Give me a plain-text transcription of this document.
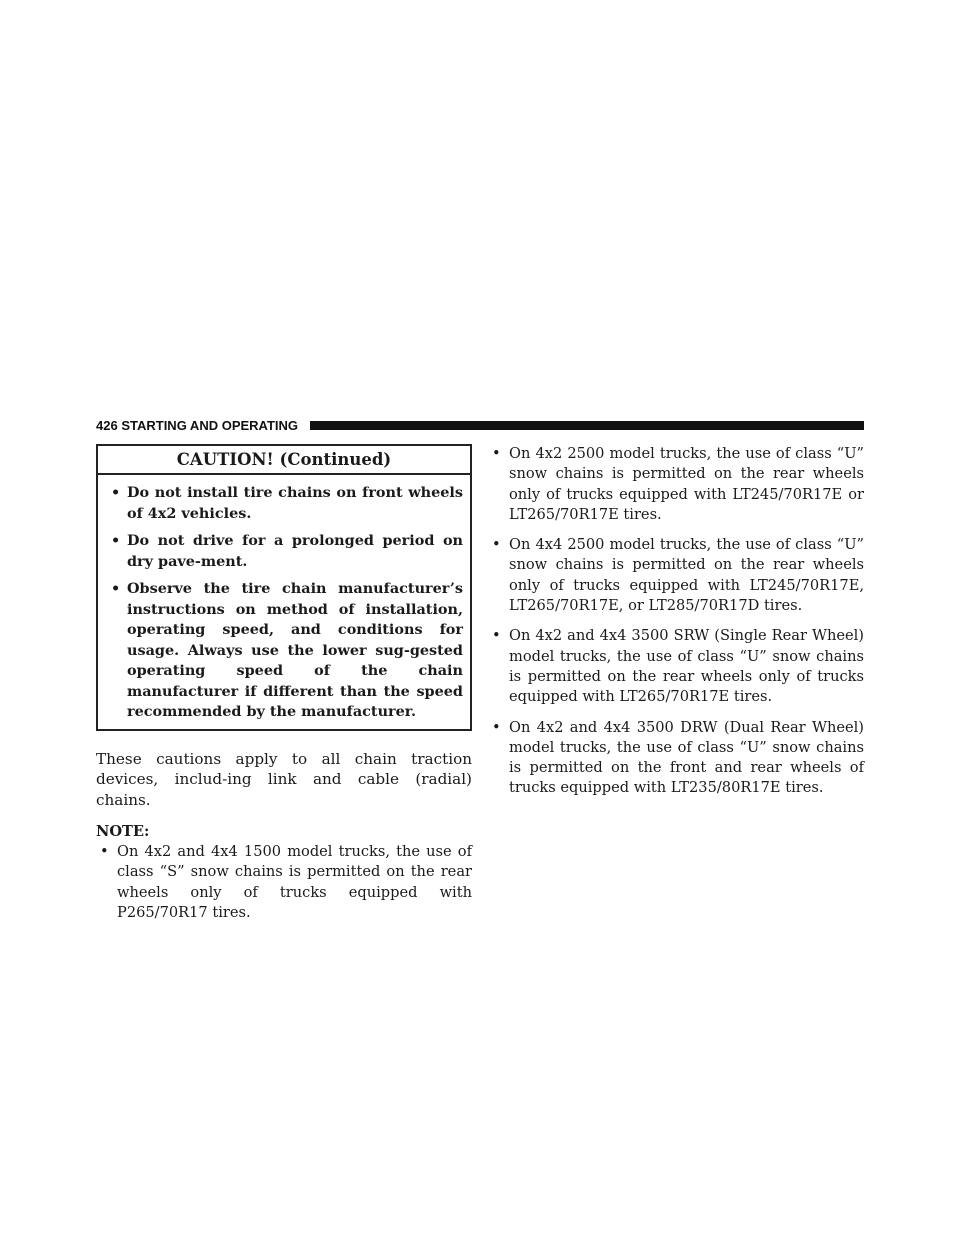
426 STARTING AND OPERATING
CAUTION! (Continued)
• Do not install tire chains on front wheels of 4x2 vehicles.
• Do not drive for a prolonged period on dry pave-ment.
• Observe the tire chain manufacturer’s instructions on method of installation, operating speed, and conditions for usage. Always use the lower sug-gested operating speed of the chain manufacturer if different than the speed recommended by the manufacturer.

These cautions apply to all chain traction devices, includ-ing link and cable (radial) chains.

NOTE:

• On 4x2 and 4x4 1500 model trucks, the use of class “S” snow chains is permitted on the rear wheels only of trucks equipped with P265/70R17 tires.
• On 4x2 2500 model trucks, the use of class “U” snow chains is permitted on the rear wheels only of trucks equipped with LT245/70R17E or LT265/70R17E tires.
• On 4x4 2500 model trucks, the use of class “U” snow chains is permitted on the rear wheels only of trucks equipped with LT245/70R17E, LT265/70R17E, or LT285/70R17D tires.
• On 4x2 and 4x4 3500 SRW (Single Rear Wheel) model trucks, the use of class “U” snow chains is permitted on the rear wheels only of trucks equipped with LT265/70R17E tires.
• On 4x2 and 4x4 3500 DRW (Dual Rear Wheel) model trucks, the use of class “U” snow chains is permitted on the front and rear wheels of trucks equipped with LT235/80R17E tires.
